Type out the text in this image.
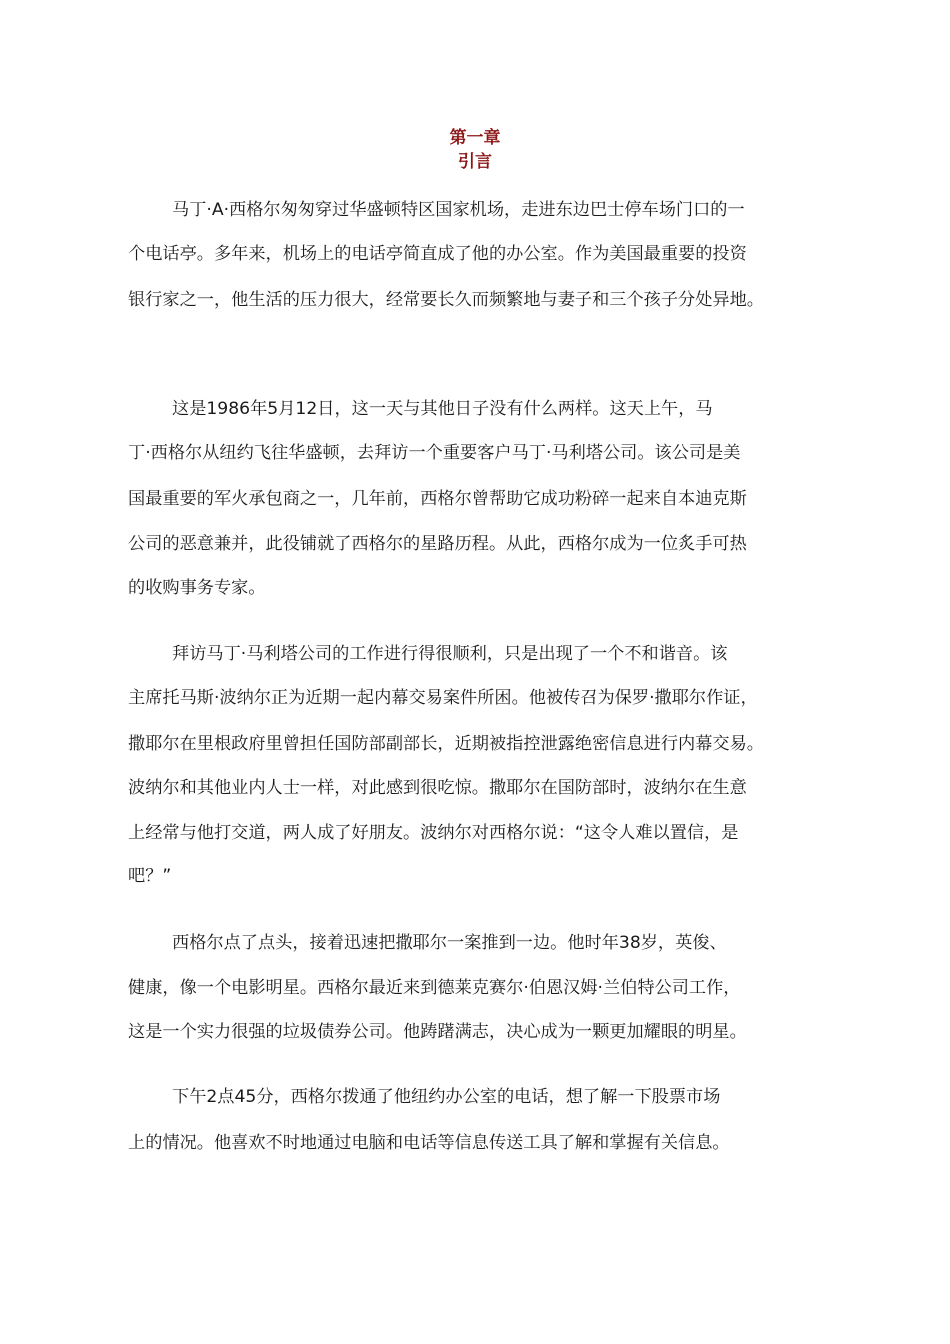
第一章
引言
马丁·A·西格尔匆匆穿过华盛顿特区国家机场，走进东边巴士停车场门口的一
个电话亭。多年来，机场上的电话亭简直成了他的办公室。作为美国最重要的投资
银行家之一，他生活的压力很大，经常要长久而频繁地与妻子和三个孩子分处异地。
这是1986年5月12日，这一天与其他日子没有什么两样。这天上午，马
丁·西格尔从纽约飞往华盛顿，去拜访一个重要客户马丁·马利塔公司。该公司是美
国最重要的军火承包商之一，几年前，西格尔曾帮助它成功粉碎一起来自本迪克斯
公司的恶意兼并，此役铺就了西格尔的星路历程。从此，西格尔成为一位炙手可热
的收购事务专家。
拜访马丁·马利塔公司的工作进行得很顺利，只是出现了一个不和谐音。该
主席托马斯·波纳尔正为近期一起内幕交易案件所困。他被传召为保罗·撒耶尔作证，
撒耶尔在里根政府里曾担任国防部副部长，近期被指控泄露绝密信息进行内幕交易。
波纳尔和其他业内人士一样，对此感到很吃惊。撒耶尔在国防部时，波纳尔在生意
上经常与他打交道，两人成了好朋友。波纳尔对西格尔说：“这令人难以置信，是
吧？”
西格尔点了点头，接着迅速把撒耶尔一案推到一边。他时年38岁，英俊、
健康，像一个电影明星。西格尔最近来到德莱克赛尔·伯恩汉姆·兰伯特公司工作，
这是一个实力很强的垃圾债券公司。他踌躇满志，决心成为一颗更加耀眼的明星。
下午2点45分，西格尔拨通了他纽约办公室的电话，想了解一下股票市场
上的情况。他喜欢不时地通过电脑和电话等信息传送工具了解和掌握有关信息。
